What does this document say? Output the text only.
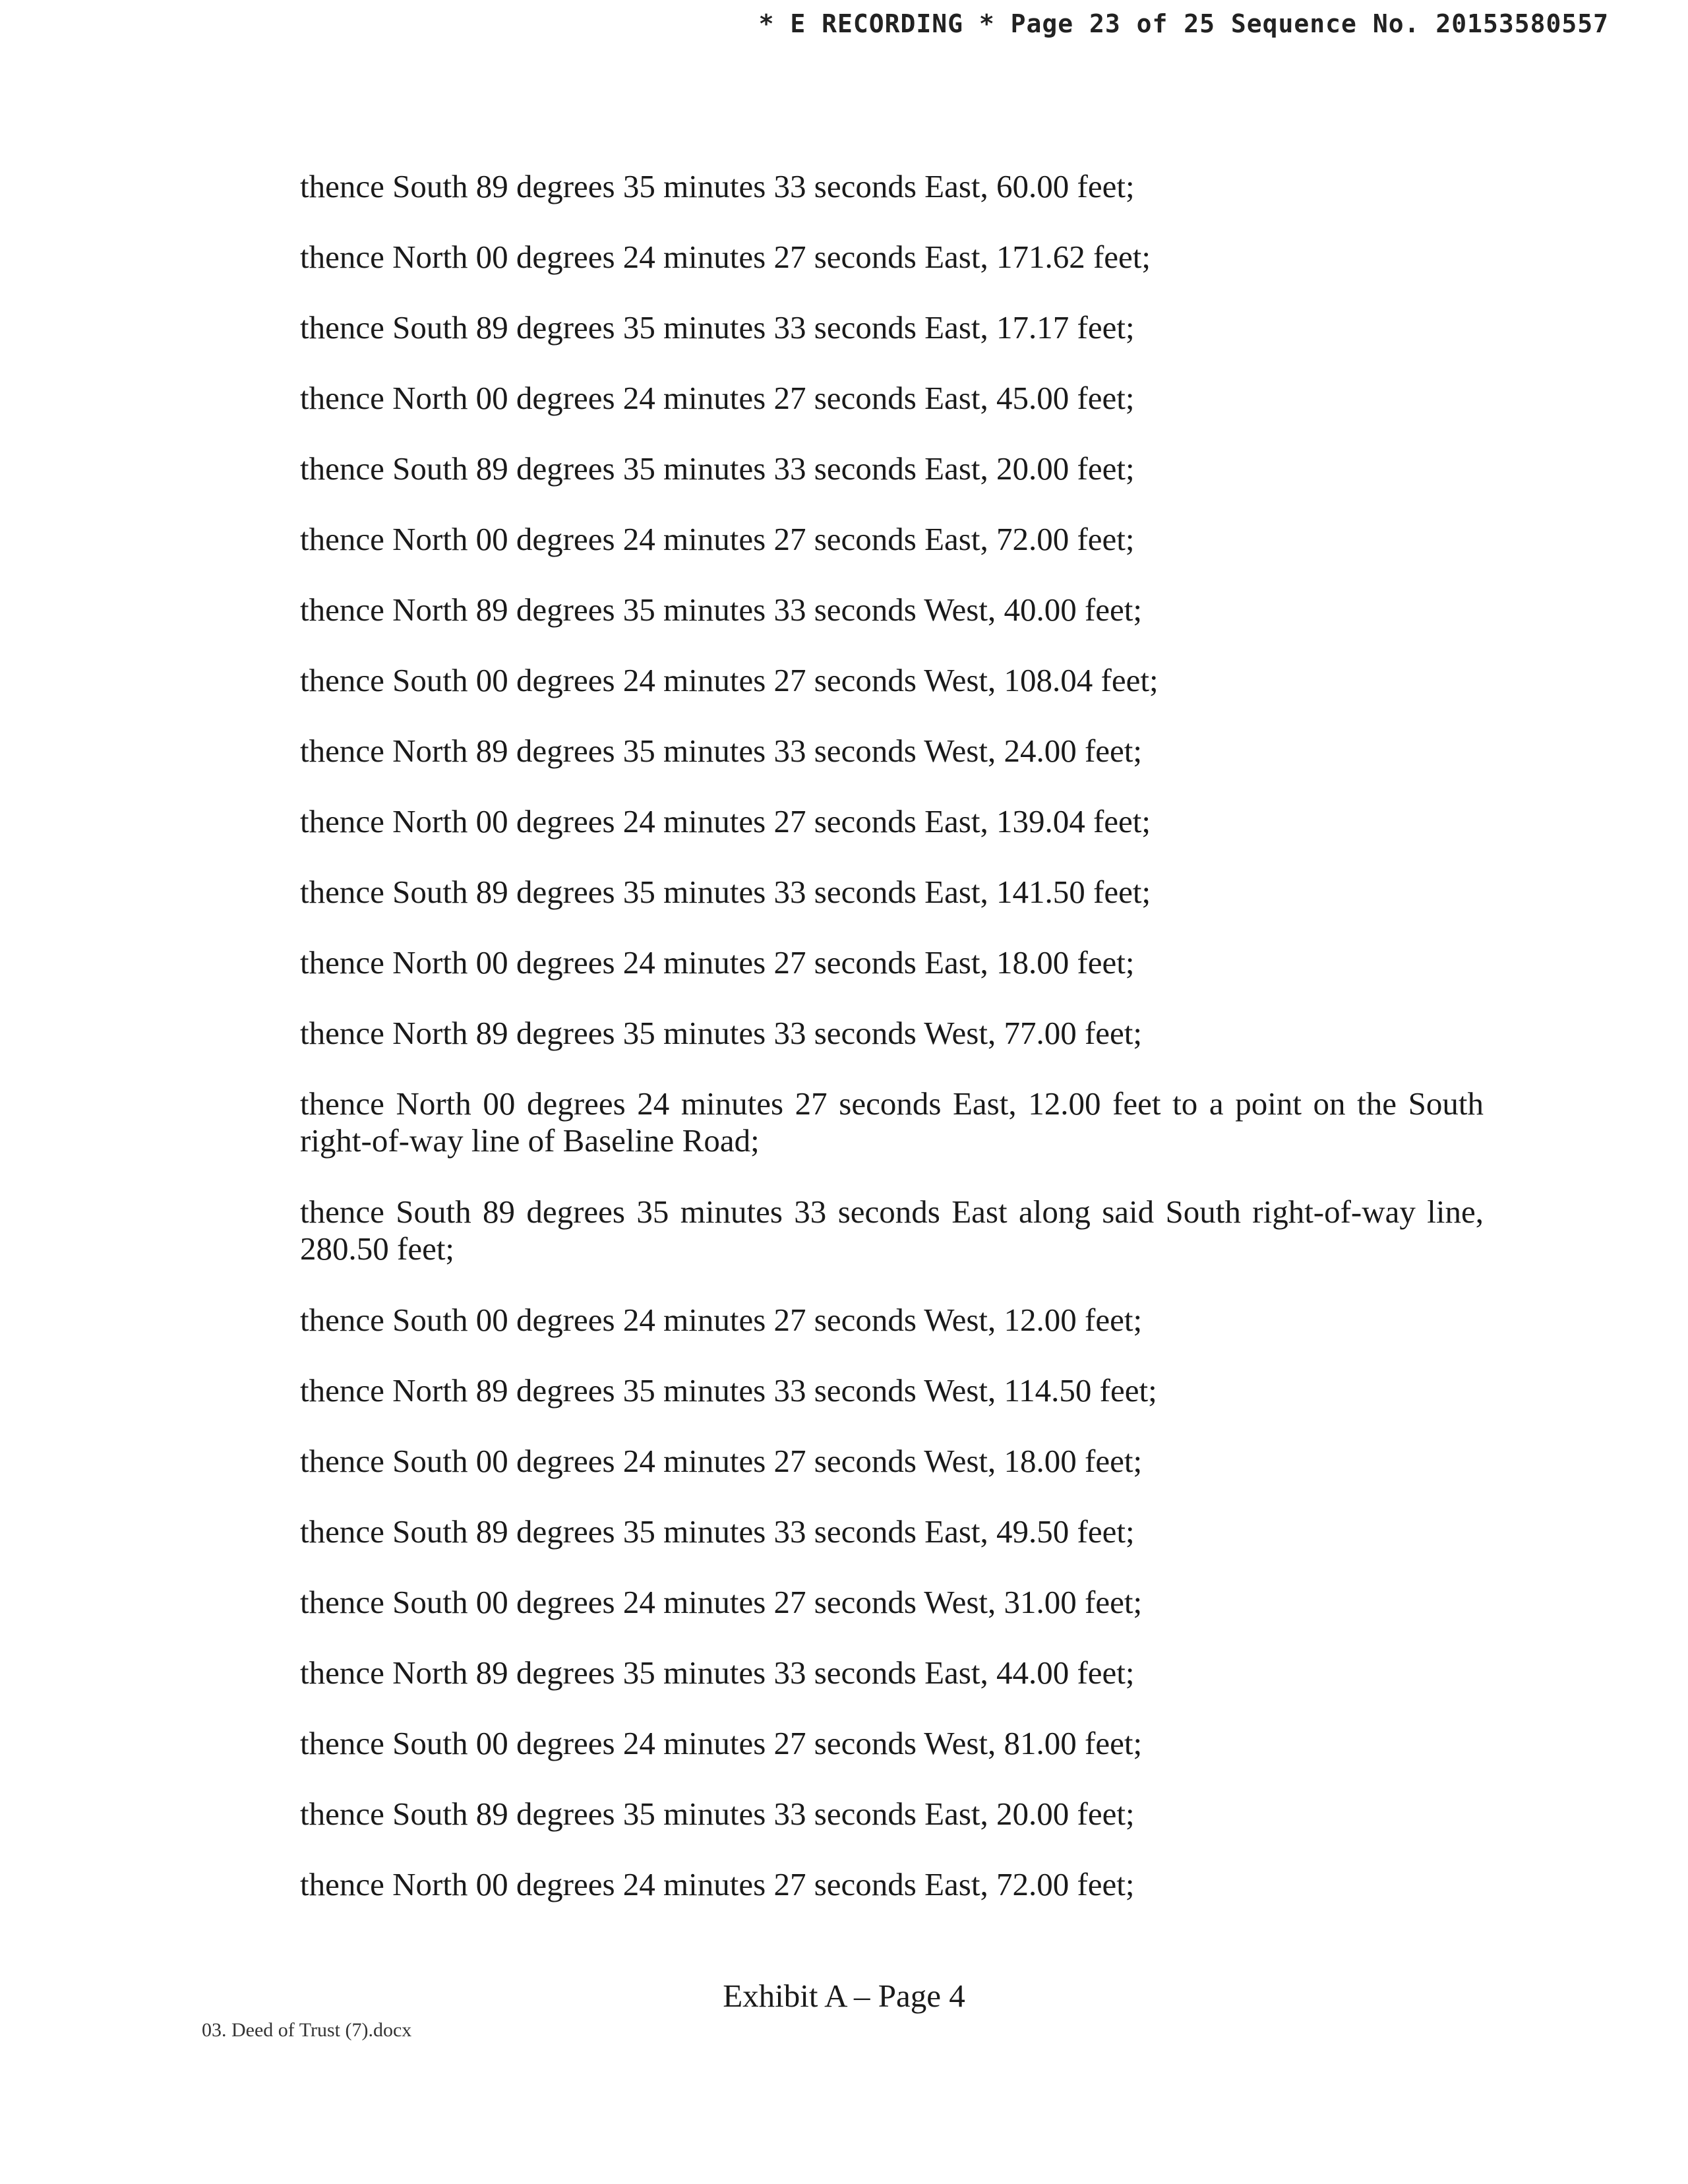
* E RECORDING * Page 23 of 25 Sequence No. 20153580557

thence South 89 degrees 35 minutes 33 seconds East, 60.00 feet;

thence North 00 degrees 24 minutes 27 seconds East, 171.62 feet;

thence South 89 degrees 35 minutes 33 seconds East, 17.17 feet;

thence North 00 degrees 24 minutes 27 seconds East, 45.00 feet;

thence South 89 degrees 35 minutes 33 seconds East, 20.00 feet;

thence North 00 degrees 24 minutes 27 seconds East, 72.00 feet;

thence North 89 degrees 35 minutes 33 seconds West, 40.00 feet;

thence South 00 degrees 24 minutes 27 seconds West, 108.04 feet;

thence North 89 degrees 35 minutes 33 seconds West, 24.00 feet;

thence North 00 degrees 24 minutes 27 seconds East, 139.04 feet;

thence South 89 degrees 35 minutes 33 seconds East, 141.50 feet;

thence North 00 degrees 24 minutes 27 seconds East, 18.00 feet;

thence North 89 degrees 35 minutes 33 seconds West, 77.00 feet;

thence North 00 degrees 24 minutes 27 seconds East, 12.00 feet to a point on the South right-of-way line of Baseline Road;

thence South 89 degrees 35 minutes 33 seconds East along said South right-of-way line, 280.50 feet;

thence South 00 degrees 24 minutes 27 seconds West, 12.00 feet;

thence North 89 degrees 35 minutes 33 seconds West, 114.50 feet;

thence South 00 degrees 24 minutes 27 seconds West, 18.00 feet;

thence South 89 degrees 35 minutes 33 seconds East, 49.50 feet;

thence South 00 degrees 24 minutes 27 seconds West, 31.00 feet;

thence North 89 degrees 35 minutes 33 seconds East, 44.00 feet;

thence South 00 degrees 24 minutes 27 seconds West, 81.00 feet;

thence South 89 degrees 35 minutes 33 seconds East, 20.00 feet;

thence North 00 degrees 24 minutes 27 seconds East, 72.00 feet;

Exhibit A – Page 4
03. Deed of Trust (7).docx
